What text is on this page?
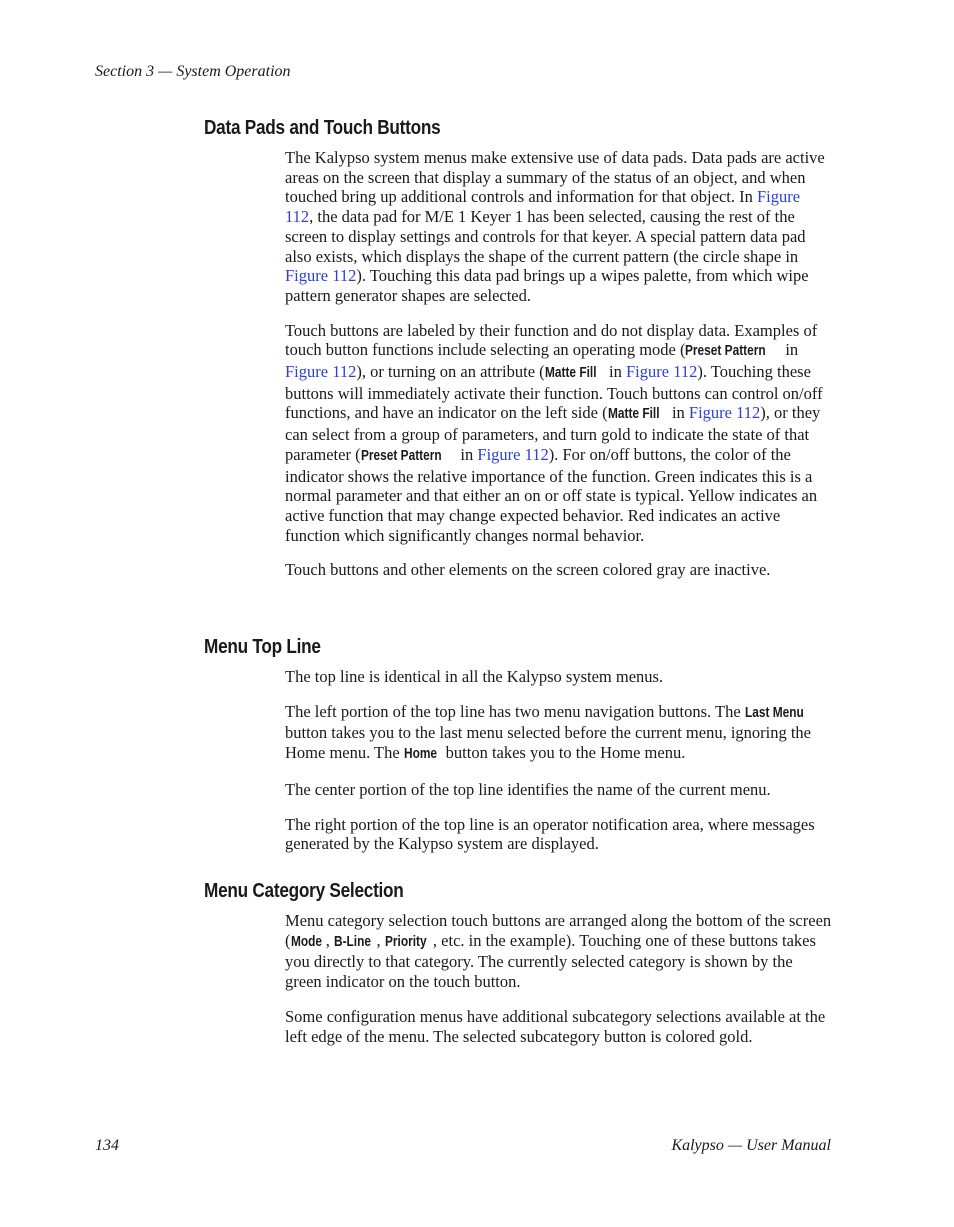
Section 3 — System Operation
Data Pads and Touch Buttons

The Kalypso system menus make extensive use of data pads. Data pads are active areas on the screen that display a summary of the status of an object, and when touched bring up additional controls and information for that object. In Figure 112, the data pad for M/E 1 Keyer 1 has been selected, causing the rest of the screen to display settings and controls for that keyer. A special pattern data pad also exists, which displays the shape of the current pattern (the circle shape in Figure 112). Touching this data pad brings up a wipes palette, from which wipe pattern generator shapes are selected.

Touch buttons are labeled by their function and do not display data. Examples of touch button functions include selecting an operating mode (Preset Pattern in Figure 112), or turning on an attribute (Matte Fill in Figure 112). Touching these buttons will immediately activate their function. Touch buttons can control on/off functions, and have an indicator on the left side (Matte Fill in Figure 112), or they can select from a group of parameters, and turn gold to indicate the state of that parameter (Preset Pattern in Figure 112). For on/off buttons, the color of the indicator shows the relative importance of the function. Green indicates this is a normal parameter and that either an on or off state is typical. Yellow indicates an active function that may change expected behavior. Red indicates an active function which significantly changes normal behavior.

Touch buttons and other elements on the screen colored gray are inactive.

Menu Top Line

The top line is identical in all the Kalypso system menus.

The left portion of the top line has two menu navigation buttons. The Last Menu button takes you to the last menu selected before the current menu, ignoring the Home menu. The Home button takes you to the Home menu.

The center portion of the top line identifies the name of the current menu.

The right portion of the top line is an operator notification area, where messages generated by the Kalypso system are displayed.

Menu Category Selection

Menu category selection touch buttons are arranged along the bottom of the screen (Mode , B-Line , Priority , etc. in the example). Touching one of these buttons takes you directly to that category. The currently selected category is shown by the green indicator on the touch button.

Some configuration menus have additional subcategory selections available at the left edge of the menu. The selected subcategory button is colored gold.

134	Kalypso — User Manual
